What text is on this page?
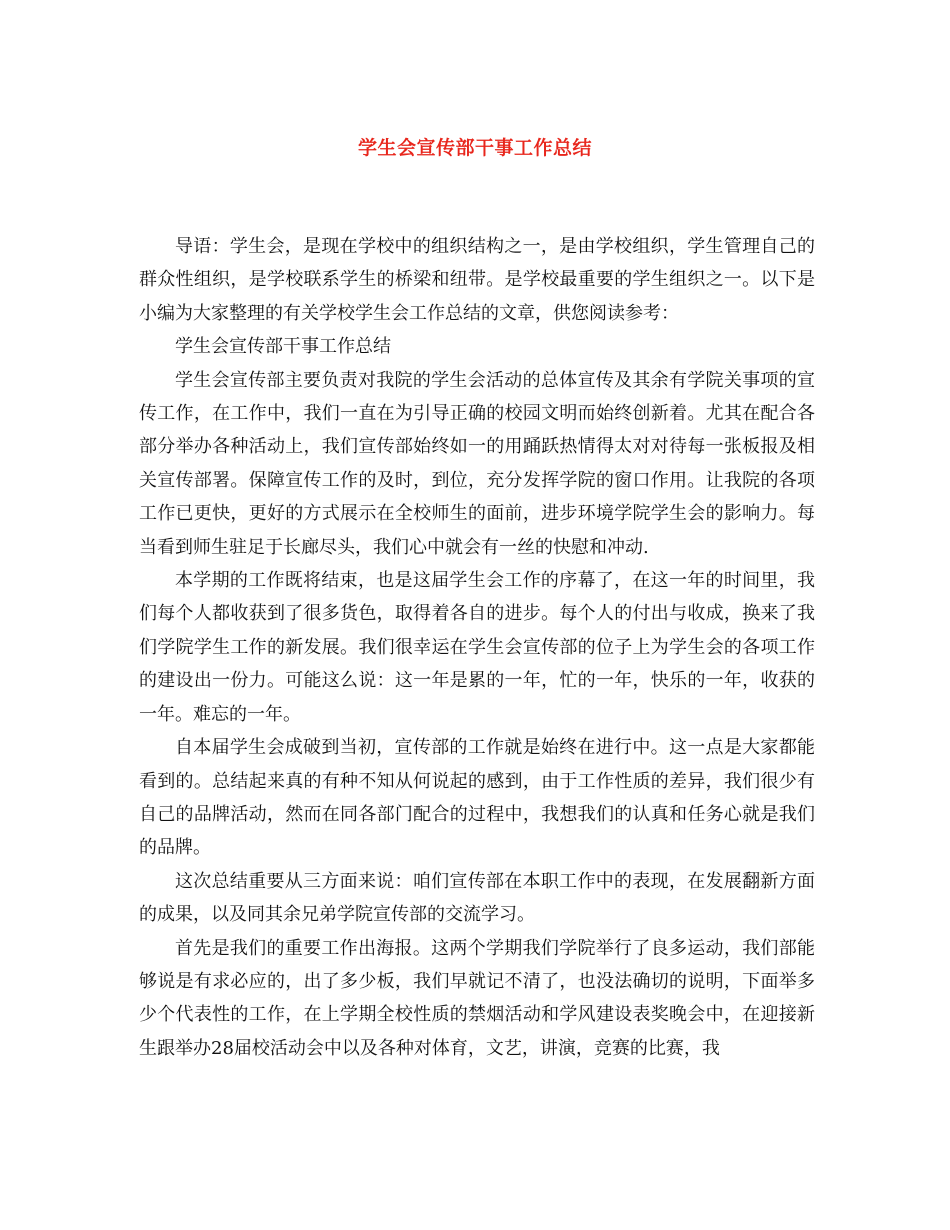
学生会宣传部干事工作总结

导语：学生会，是现在学校中的组织结构之一，是由学校组织，学生管理自己的群众性组织，是学校联系学生的桥梁和纽带。是学校最重要的学生组织之一。以下是小编为大家整理的有关学校学生会工作总结的文章，供您阅读参考：

学生会宣传部干事工作总结

学生会宣传部主要负责对我院的学生会活动的总体宣传及其余有学院关事项的宣传工作，在工作中，我们一直在为引导正确的校园文明而始终创新着。尤其在配合各部分举办各种活动上，我们宣传部始终如一的用踊跃热情得太对对待每一张板报及相关宣传部署。保障宣传工作的及时，到位，充分发挥学院的窗口作用。让我院的各项工作已更快，更好的方式展示在全校师生的面前，进步环境学院学生会的影响力。每当看到师生驻足于长廊尽头，我们心中就会有一丝的快慰和冲动.

本学期的工作既将结束，也是这届学生会工作的序幕了，在这一年的时间里，我们每个人都收获到了很多货色，取得着各自的进步。每个人的付出与收成，换来了我们学院学生工作的新发展。我们很幸运在学生会宣传部的位子上为学生会的各项工作的建设出一份力。可能这么说：这一年是累的一年，忙的一年，快乐的一年，收获的一年。难忘的一年。

自本届学生会成破到当初，宣传部的工作就是始终在进行中。这一点是大家都能看到的。总结起来真的有种不知从何说起的感到，由于工作性质的差异，我们很少有自己的品牌活动，然而在同各部门配合的过程中，我想我们的认真和任务心就是我们的品牌。

这次总结重要从三方面来说：咱们宣传部在本职工作中的表现，在发展翻新方面的成果，以及同其余兄弟学院宣传部的交流学习。

首先是我们的重要工作出海报。这两个学期我们学院举行了良多运动，我们部能够说是有求必应的，出了多少板，我们早就记不清了，也没法确切的说明，下面举多少个代表性的工作，在上学期全校性质的禁烟活动和学风建设表奖晚会中，在迎接新生跟举办28届校活动会中以及各种对体育，文艺，讲演，竞赛的比赛，我
